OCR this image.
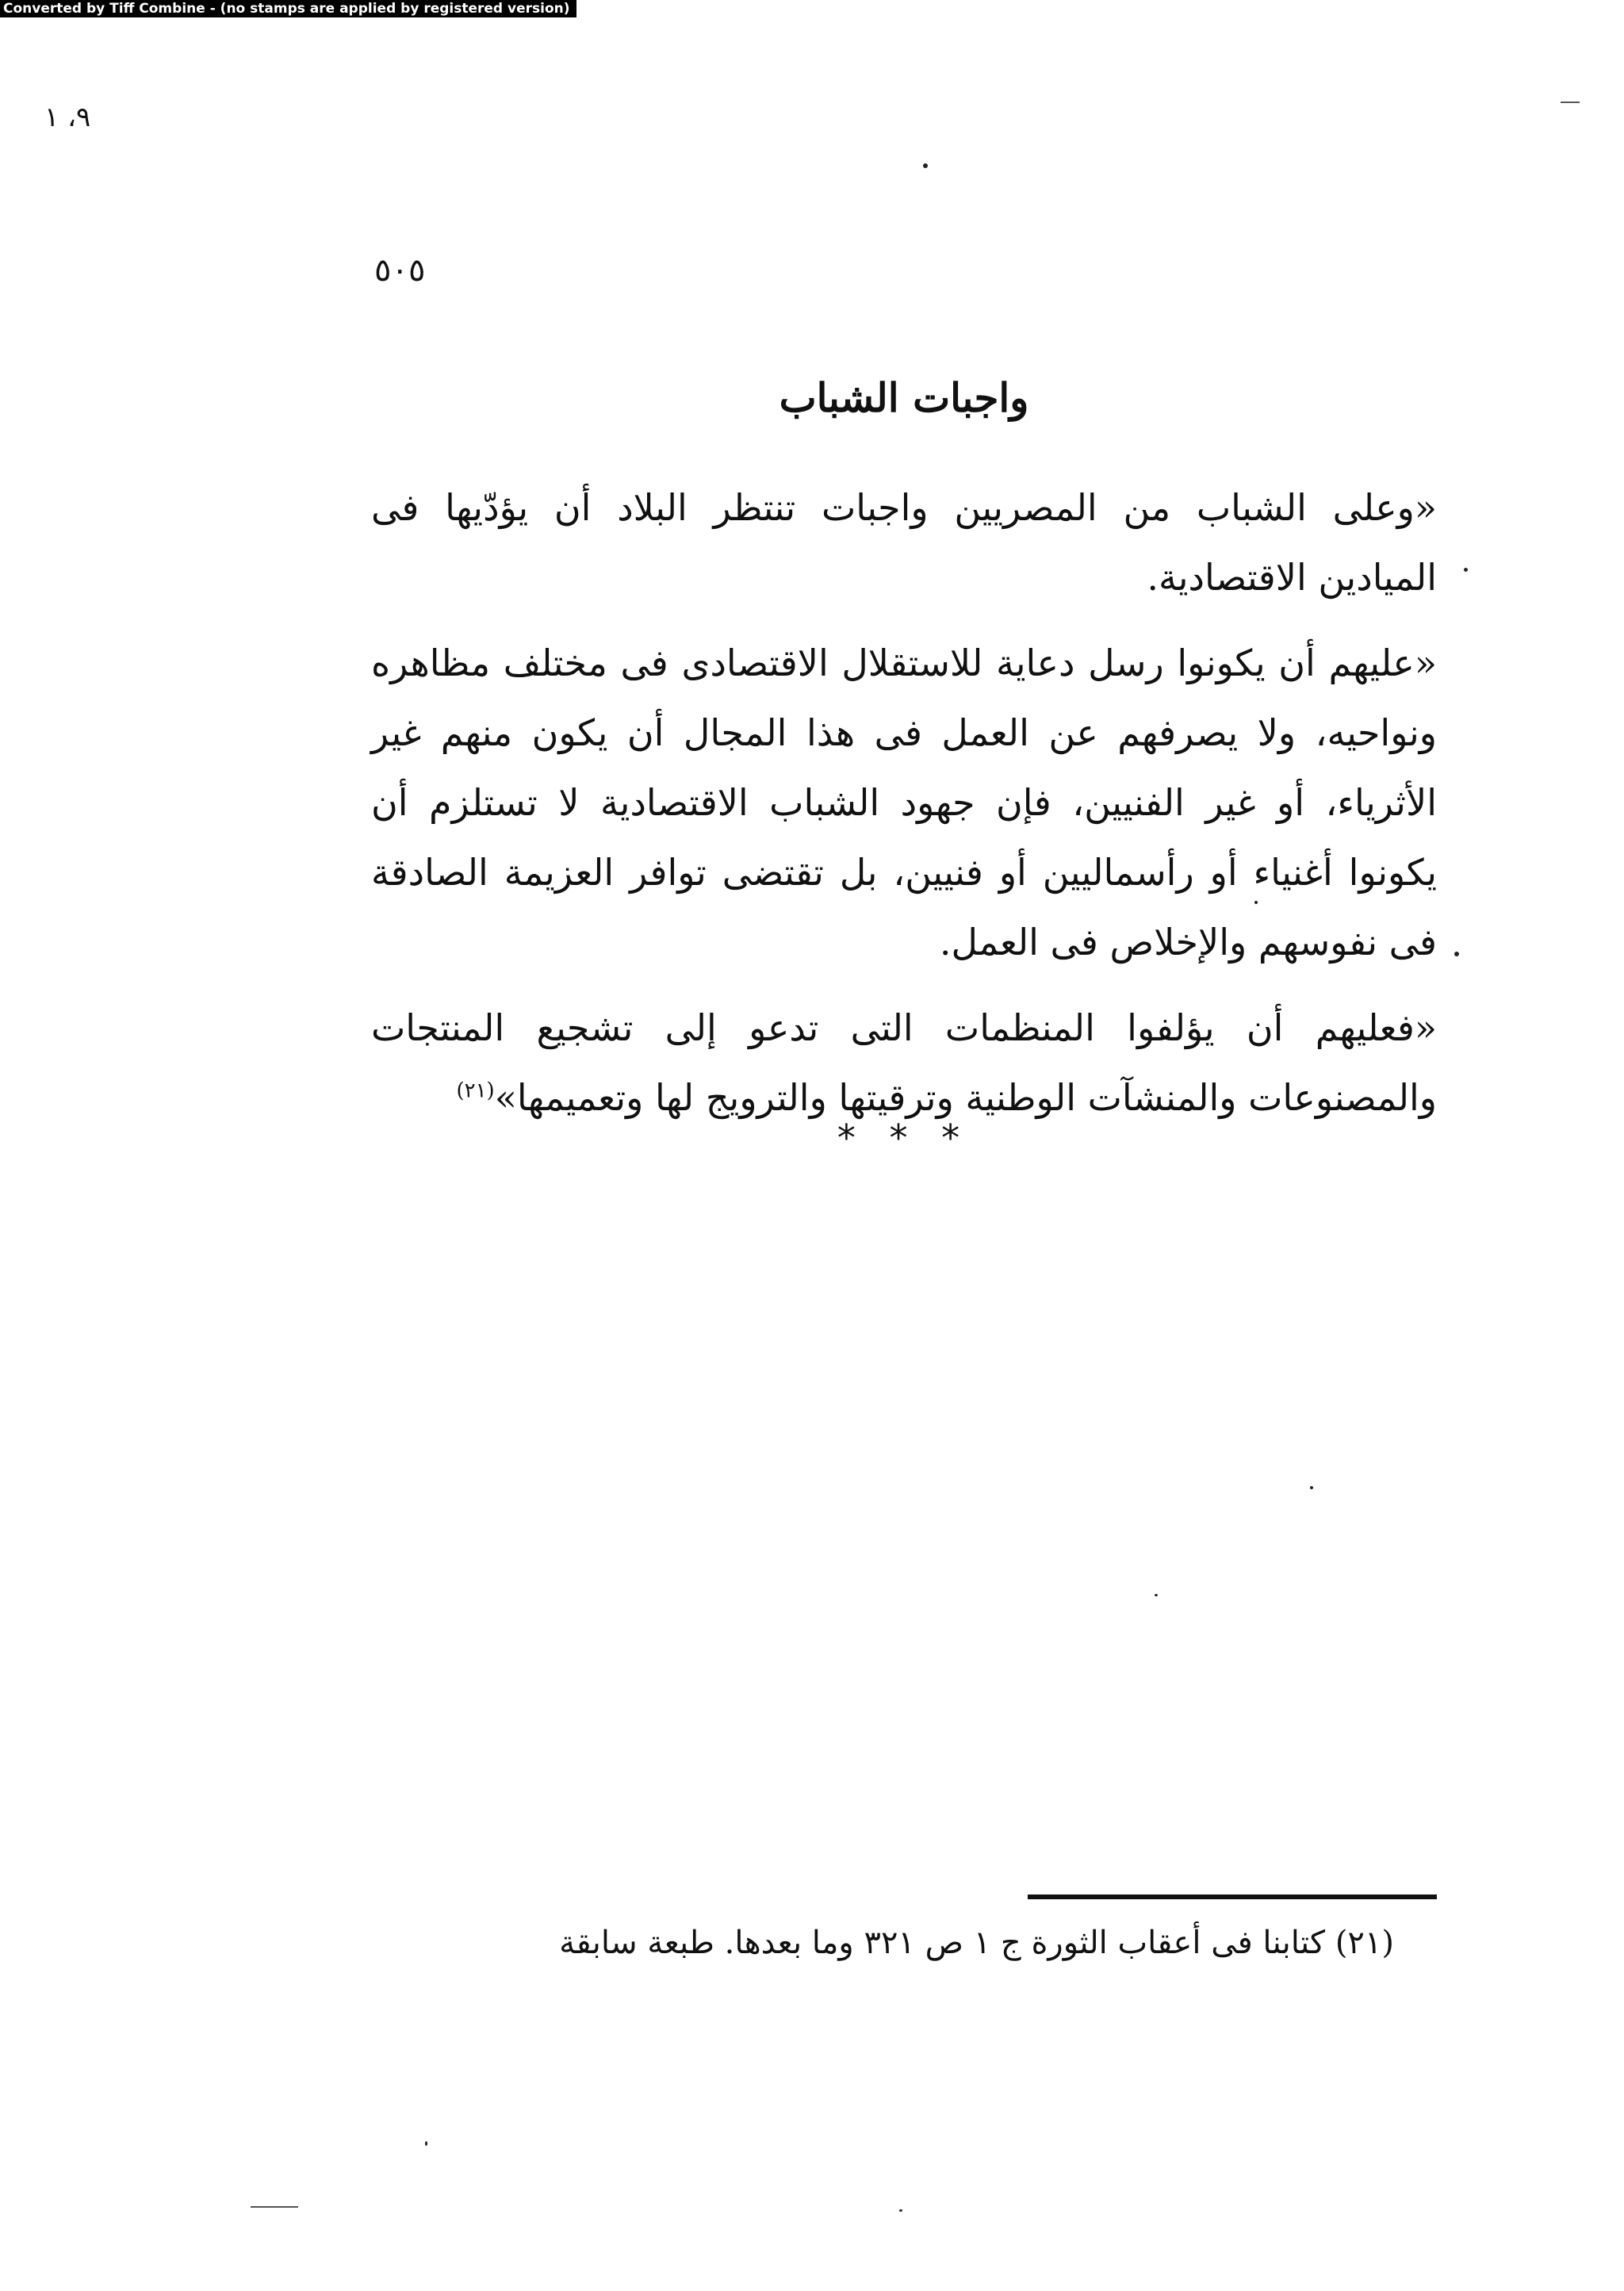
Converted by Tiff Combine - (no stamps are applied by registered version)
٩، ١
٥٠٥
واجبات الشباب

«وعلى الشباب من المصريين واجبات تنتظر البلاد أن يؤدّيها فى الميادين الاقتصادية.

«عليهم أن يكونوا رسل دعاية للاستقلال الاقتصادى فى مختلف مظاهره ونواحيه، ولا يصرفهم عن العمل فى هذا المجال أن يكون منهم غير الأثرياء، أو غير الفنيين، فإن جهود الشباب الاقتصادية لا تستلزم أن يكونوا أغنياء أو رأسماليين أو فنيين، بل تقتضى توافر العزيمة الصادقة فى نفوسهم والإخلاص فى العمل.

«فعليهم أن يؤلفوا المنظمات التى تدعو إلى تشجيع المنتجات والمصنوعات والمنشآت الوطنية وترقيتها والترويج لها وتعميمها»$^{(٢١)}$

* * *
(٢١) كتابنا فى أعقاب الثورة ج ١ ص ٣٢١ وما بعدها. طبعة سابقة
